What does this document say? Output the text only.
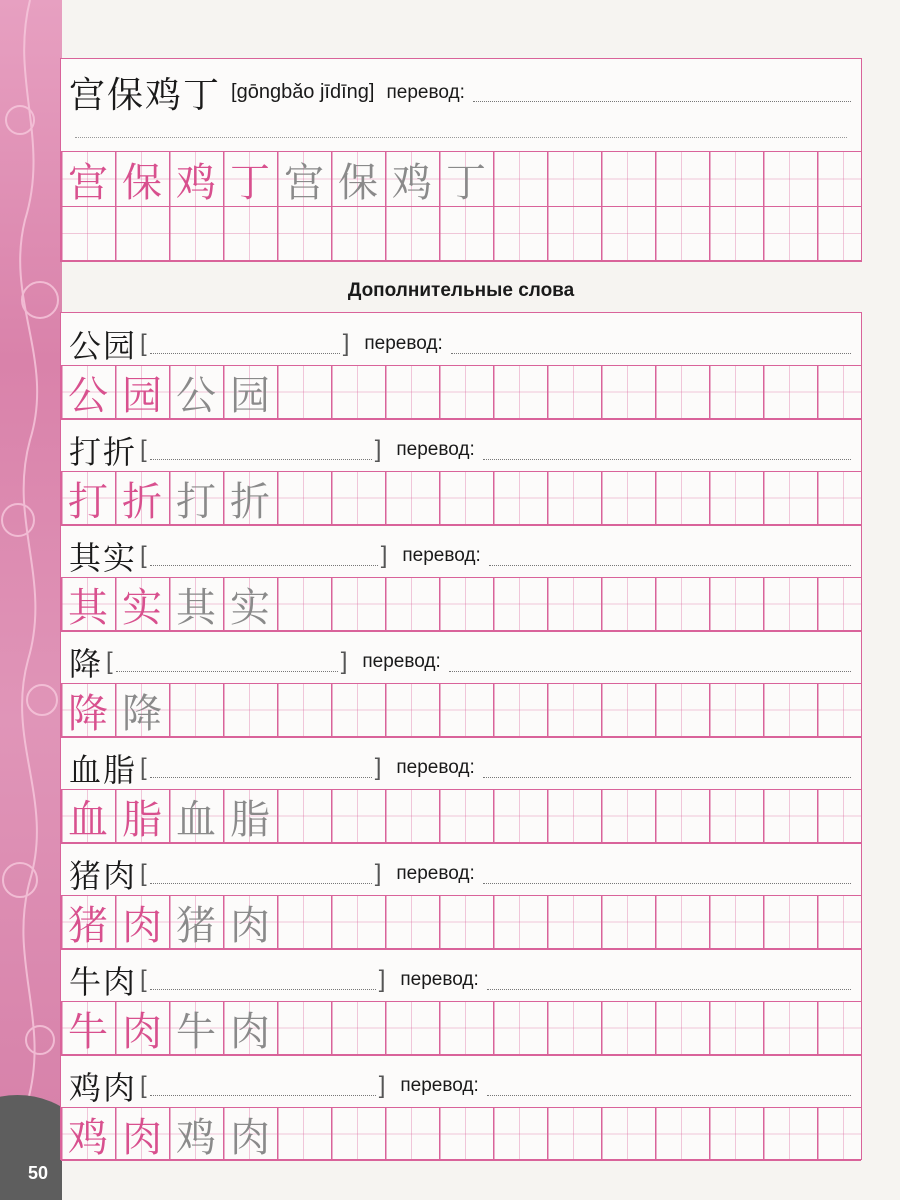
50
宫保鸡丁 [gōngbǎo jīdīng] перевод:
宫 保 鸡 丁 宫 保 鸡 丁
Дополнительные слова
公园 [	] перевод:
公 园 公 园
打折 [	] перевод:
打 折 打 折
其实 [	] перевод:
其 实 其 实
降 [	] перевод:
降 降
血脂 [	] перевод:
血 脂 血 脂
猪肉 [	] перевод:
猪 肉 猪 肉
牛肉 [	] перевод:
牛 肉 牛 肉
鸡肉 [	] перевод:
鸡 肉 鸡 肉
